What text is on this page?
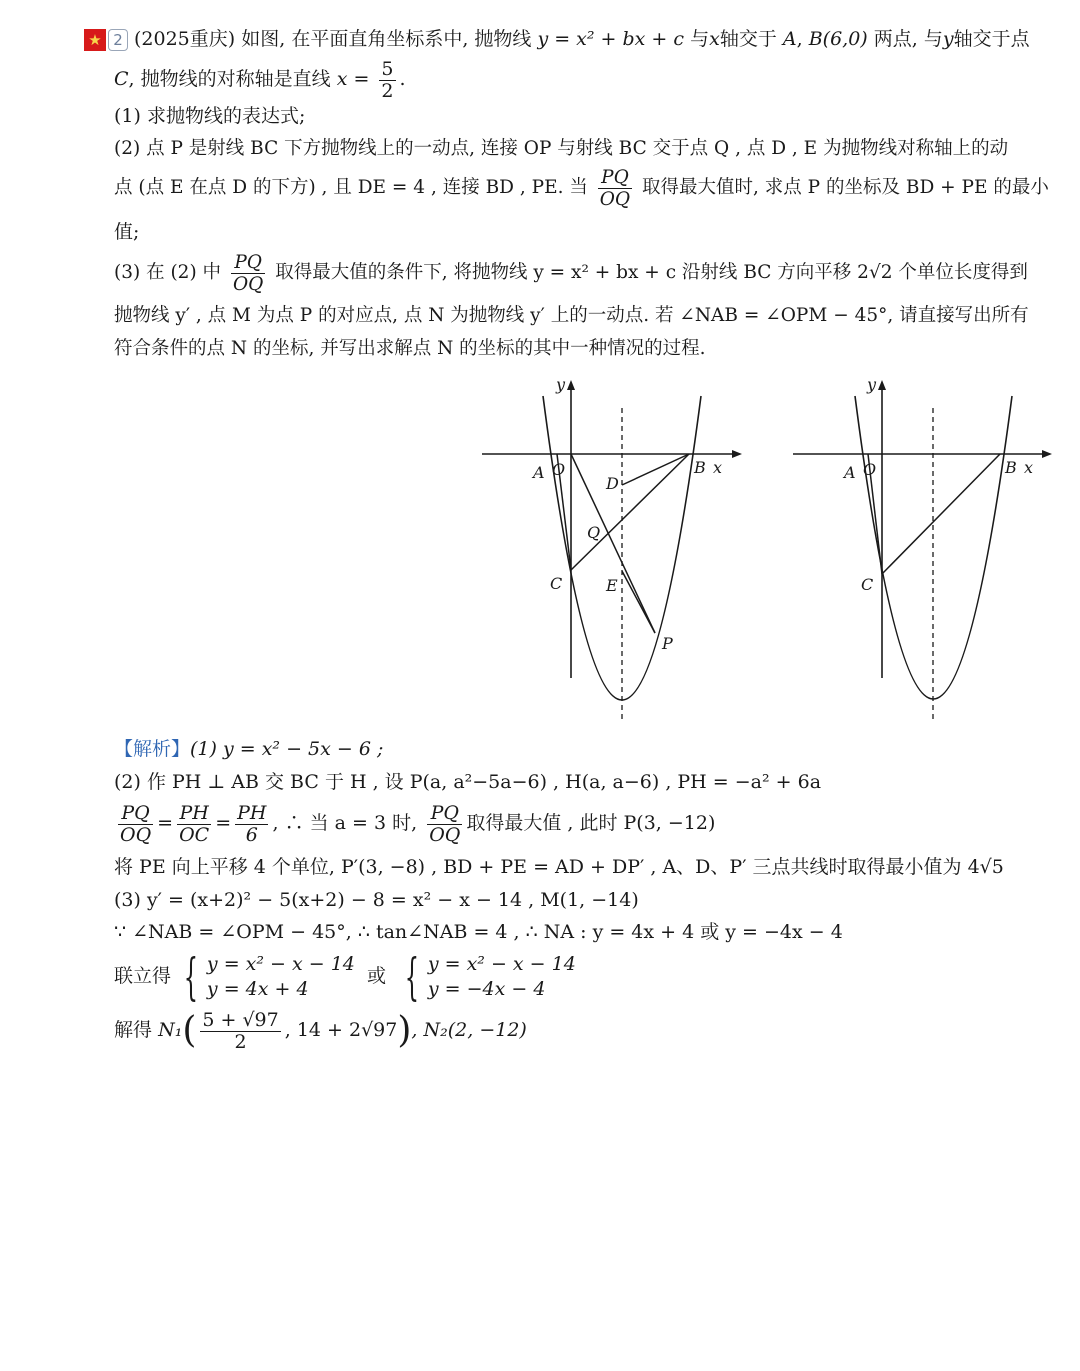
★ 2 (2025重庆) 如图, 在平面直角坐标系中, 抛物线 y = x² + bx + c 与x轴交于 A, B(6,0) 两点, 与y轴交于点
C, 抛物线的对称轴是直线 $x = \frac{5}{2}$ .
(1) 求抛物线的表达式;
(2) 点 P 是射线 BC 下方抛物线上的一动点, 连接 OP 与射线 BC 交于点 Q , 点 D , E 为抛物线对称轴上的动
点 (点 E 在点 D 的下方) , 且 DE = 4 , 连接 BD , PE. 当 $\frac{PQ}{OQ}$ 取得最大值时, 求点 P 的坐标及 BD + PE 的最小
值;
(3) 在 (2) 中 $\frac{PQ}{OQ}$ 取得最大值的条件下, 将抛物线 y = x² + bx + c 沿射线 BC 方向平移 2√2 个单位长度得到
抛物线 y′ , 点 M 为点 P 的对应点, 点 N 为抛物线 y′ 上的一动点. 若 ∠NAB = ∠OPM − 45°, 请直接写出所有
符合条件的点 N 的坐标, 并写出求解点 N 的坐标的其中一种情况的过程.
y
x
A O	B
C
D
Q
E
P
y
x
A O	B
C
【解析】(1) y = x² − 5x − 6 ;
(2) 作 PH ⊥ AB 交 BC 于 H , 设 P(a, a²−5a−6) , H(a, a−6) , PH = −a² + 6a
$\frac{PQ}{OQ} = \frac{PH}{OC} = \frac{PH}{6}$ , ∴ 当 a = 3 时, $\frac{PQ}{OQ}$ 取得最大值 , 此时 P(3, −12)
将 PE 向上平移 4 个单位, P′(3, −8) , BD + PE = AD + DP′ , A、D、P′ 三点共线时取得最小值为 4√5
(3) y′ = (x+2)² − 5(x+2) − 8 = x² − x − 14 , M(1, −14)
∵ ∠NAB = ∠OPM − 45°, ∴ tan∠NAB = 4 , ∴ NA : y = 4x + 4 或 y = −4x − 4
联立得 { y = x² − x − 14
y = 4x + 4
或 { y = x² − x − 14
y = −4x − 4
解得 $N_1( \frac{5 + √97}{2}$ , 14 + 2√97), N₂(2, −12)
